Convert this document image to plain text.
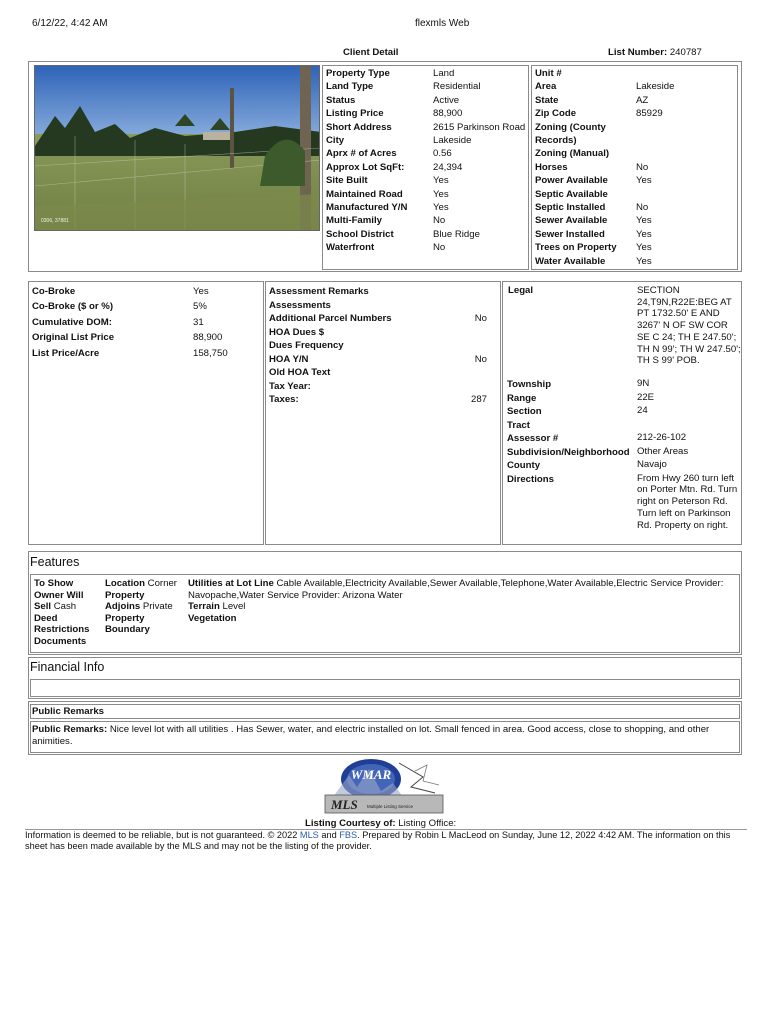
6/12/22, 4:42 AM	flexmls Web
Client Detail	List Number: 240787
0306, 37881
Property Type	Land
Land Type	Residential
Status	Active
Listing Price	88,900
Short Address	2615 Parkinson Road
City	Lakeside
Aprx # of Acres	0.56
Approx Lot SqFt:	24,394
Site Built	Yes
Maintained Road	Yes
Manufactured Y/N	Yes
Multi-Family	No
School District	Blue Ridge
Waterfront	No
Unit #
Area	Lakeside
State	AZ
Zip Code	85929
Zoning (County Records)
Zoning (Manual)
Horses	No
Power Available	Yes
Septic Available
Septic Installed	No
Sewer Available	Yes
Sewer Installed	Yes
Trees on Property	Yes
Water Available	Yes
Co-Broke	Yes
Co-Broke ($ or %)	5%
Cumulative DOM:	31
Original List Price	88,900
List Price/Acre	158,750
Assessment Remarks
Assessments
Additional Parcel Numbers	No
HOA Dues $
Dues Frequency
HOA Y/N	No
Old HOA Text
Tax Year:
Taxes:	287
Legal	SECTION 24,T9N,R22E:BEG AT PT 1732.50' E AND 3267' N OF SW COR SE C 24; TH E 247.50'; TH N 99'; TH W 247.50'; TH S 99' POB.
Township	9N
Range	22E
Section	24
Tract
Assessor #	212-26-102
Subdivision/Neighborhood Other Areas
County	Navajo
Directions	From Hwy 260 turn left on Porter Mtn. Rd. Turn right on Peterson Rd. Turn left on Parkinson Rd. Property on right.
Features
To Show
Owner Will
Sell Cash
Deed
Restrictions
Documents
Location Corner
Property
Adjoins Private
Property
Boundary
Utilities at Lot Line Cable Available,Electricity Available,Sewer Available,Telephone,Water Available,Electric Service Provider: Navopache,Water Service Provider: Arizona Water
Terrain Level
Vegetation
Financial Info
Public Remarks
Public Remarks: Nice level lot with all utilities . Has Sewer, water, and electric installed on lot. Small fenced in area. Good access, close to shopping, and other animities.
WMAR
MLS Multiple Listing Service
Listing Courtesy of: Listing Office:
Information is deemed to be reliable, but is not guaranteed. © 2022 MLS and FBS. Prepared by Robin L MacLeod on Sunday, June 12, 2022 4:42 AM. The information on this sheet has been made available by the MLS and may not be the listing of the provider.
